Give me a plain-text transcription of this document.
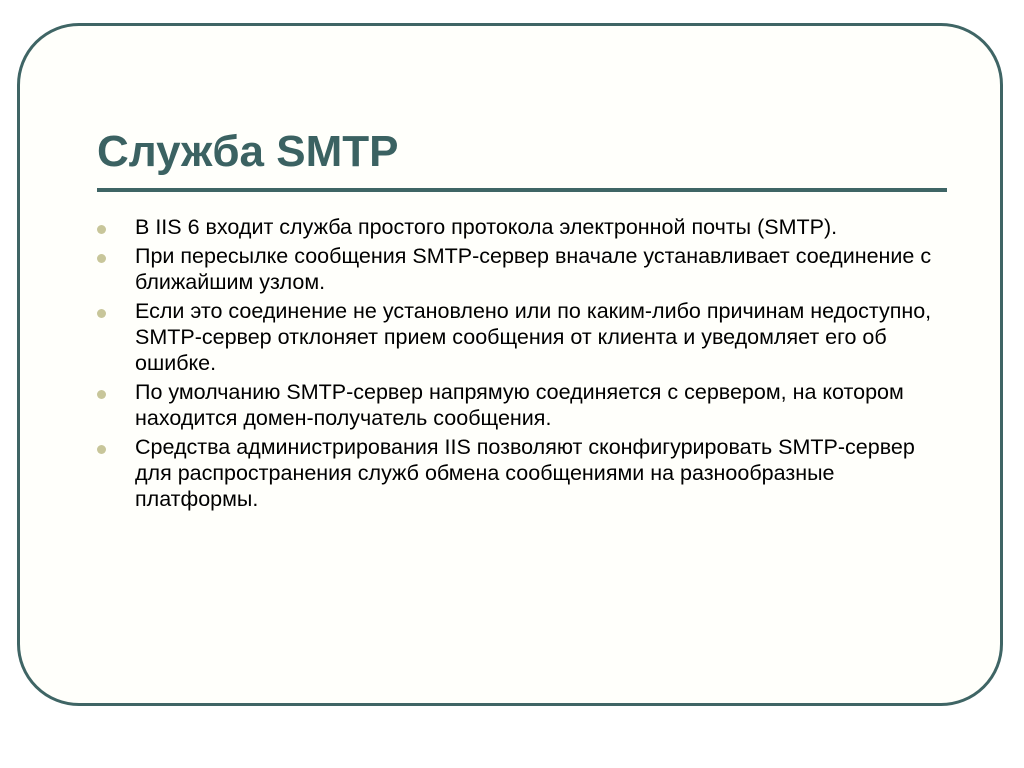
Служба SMTP
В IIS 6 входит служба простого протокола электронной почты (SMTP).
При пересылке сообщения SMTP-сервер вначале устанавливает соединение с ближайшим узлом.
Если это соединение не установлено или по каким-либо причинам недоступно, SMTP-сервер отклоняет прием сообщения от клиента и уведомляет его об ошибке.
По умолчанию SMTP-сервер напрямую соединяется с сервером, на котором находится домен-получатель сообщения.
Средства администрирования IIS позволяют сконфигурировать SMTP-сервер для распространения служб обмена сообщениями на разнообразные платформы.
